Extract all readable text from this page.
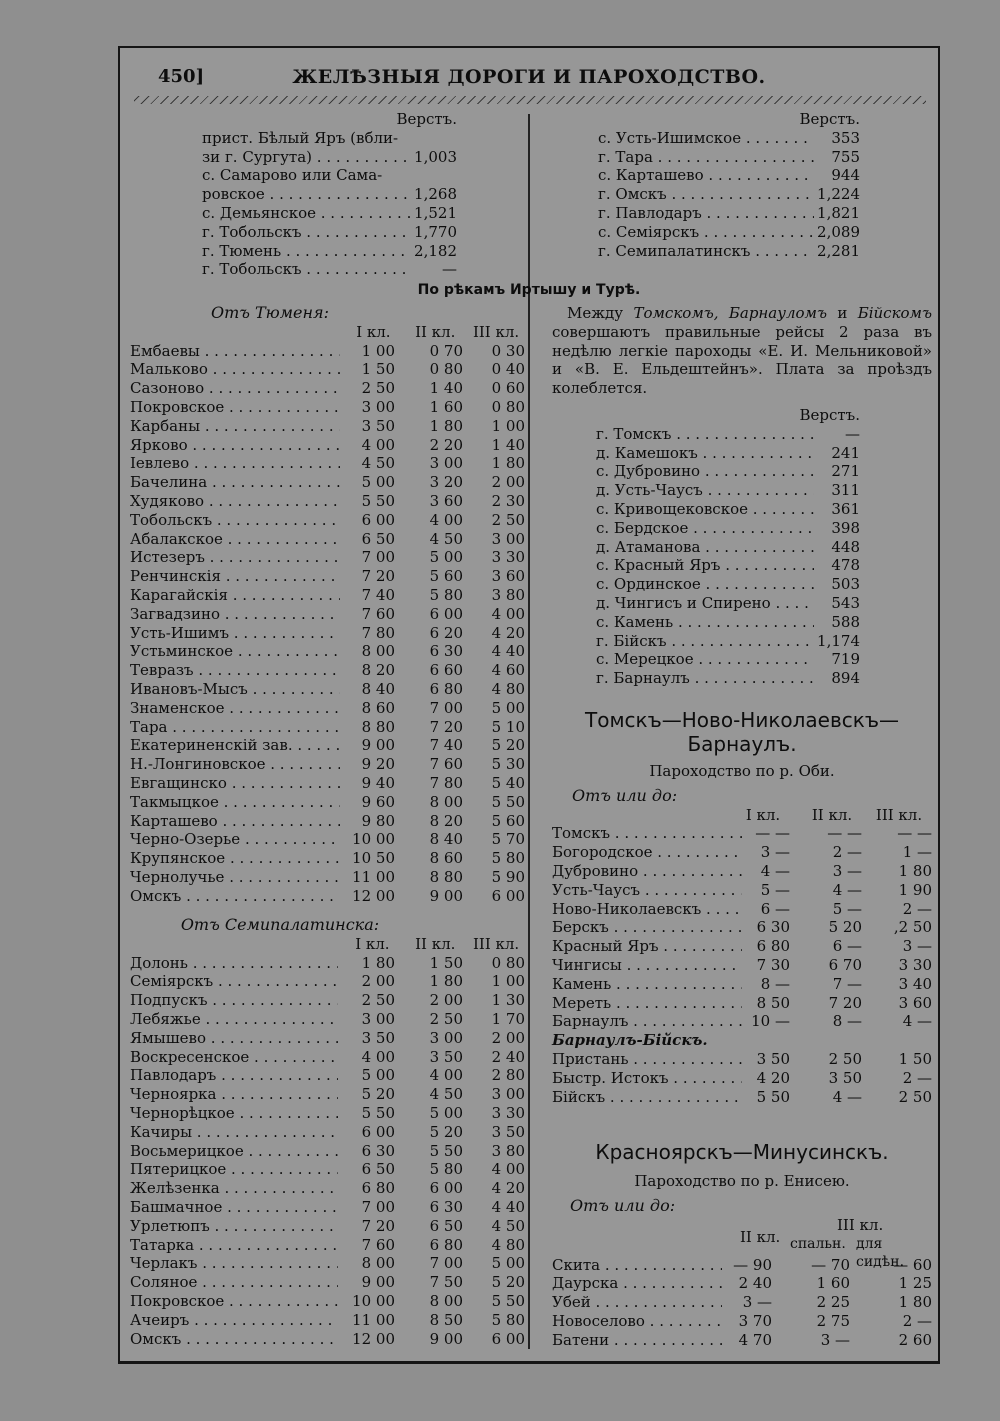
450]	ЖЕЛѢЗНЫЯ ДОРОГИ И ПАРОХОДСТВО.
Верстъ.
прист. Бѣлый Яръ (вбли-
зи г. Сургута) . . .	1,003
с. Самарово или Сама-
ровское . . .	1,268
с. Демьянское . . .	1,521
г. Тобольскъ . . .	1,770
г. Тюмень . . .	2,182
г. Тобольскъ . . .	—
Верстъ.
с. Усть-Ишимское . . .	353
г. Тара . . .	755
с. Карташево . . .	944
г. Омскъ . . .	1,224
г. Павлодаръ . . .	1,821
с. Семіярскъ . . .	2,089
г. Семипалатинскъ . . .	2,281
По рѣкамъ Иртышу и Турѣ.
Отъ Тюменя:
I кл.	II кл.	III кл.
Ембаевы . . .	1 00	0 70	0 30
Мальково . . .	1 50	0 80	0 40
Сазоново . . .	2 50	1 40	0 60
Покровское . . .	3 00	1 60	0 80
Карбаны . . .	3 50	1 80	1 00
Ярково . . .	4 00	2 20	1 40
Іевлево . . .	4 50	3 00	1 80
Бачелина . . .	5 00	3 20	2 00
Худяково . . .	5 50	3 60	2 30
Тобольскъ . . .	6 00	4 00	2 50
Абалакское . . .	6 50	4 50	3 00
Истезеръ . . .	7 00	5 00	3 30
Ренчинскія . . .	7 20	5 60	3 60
Карагайскія . . .	7 40	5 80	3 80
Загвадзино . . .	7 60	6 00	4 00
Усть-Ишимъ . . .	7 80	6 20	4 20
Устьминское . . .	8 00	6 30	4 40
Тевразъ . . .	8 20	6 60	4 60
Ивановъ-Мысъ . . .	8 40	6 80	4 80
Знаменское . . .	8 60	7 00	5 00
Тара . . .	8 80	7 20	5 10
Екатериненскій зав. . . .	9 00	7 40	5 20
Н.-Лонгиновское . . .	9 20	7 60	5 30
Евгащинско . . .	9 40	7 80	5 40
Такмыцкое . . .	9 60	8 00	5 50
Карташево . . .	9 80	8 20	5 60
Черно-Озерье . . .	10 00	8 40	5 70
Крупянское . . .	10 50	8 60	5 80
Чернолучье . . .	11 00	8 80	5 90
Омскъ . . .	12 00	9 00	6 00
Отъ Семипалатинска:
I кл.	II кл.	III кл.
Долонь . . .	1 80	1 50	0 80
Семіярскъ . . .	2 00	1 80	1 00
Подпускъ . . .	2 50	2 00	1 30
Лебяжье . . .	3 00	2 50	1 70
Ямышево . . .	3 50	3 00	2 00
Воскресенское . . .	4 00	3 50	2 40
Павлодаръ . . .	5 00	4 00	2 80
Чернoярка . . .	5 20	4 50	3 00
Чернорѣцкое . . .	5 50	5 00	3 30
Качиры . . .	6 00	5 20	3 50
Восьмерицкое . . .	6 30	5 50	3 80
Пятерицкое . . .	6 50	5 80	4 00
Желѣзенка . . .	6 80	6 00	4 20
Башмачное . . .	7 00	6 30	4 40
Урлетюпъ . . .	7 20	6 50	4 50
Татарка . . .	7 60	6 80	4 80
Черлакъ . . .	8 00	7 00	5 00
Соляное . . .	9 00	7 50	5 20
Покровское . . .	10 00	8 00	5 50
Ачеиръ . . .	11 00	8 50	5 80
Омскъ . . .	12 00	9 00	6 00
 Между Томскомъ, Барнауломъ и Бійскомъ совершаютъ правильные рейсы 2 раза въ недѣлю легкіе пароходы «Е. И. Мельниковой» и «В. Е. Ельдештейнъ». Плата за проѣздъ колеблется.
Верстъ.
г. Томскъ . . .	—
д. Камешокъ . . .	241
с. Дубровино . . .	271
д. Усть-Чаусъ . . .	311
с. Кривощековское . . .	361
с. Бердское . . .	398
д. Атаманова . . .	448
с. Красный Яръ . . .	478
с. Ординское . . .	503
д. Чингисъ и Спирено . . .	543
с. Камень . . .	588
г. Бійскъ . . .	1,174
с. Мерецкое . . .	719
г. Барнаулъ . . .	894
Томскъ—Ново-Николаевскъ—
Барнаулъ.
Пароходство по р. Оби.
Отъ или до:
I кл.	II кл.	III кл.
Томскъ . . .	— —	— —	— —
Богородское . . .	3 —	2 —	1 —
Дубровино . . .	4 —	3 —	1 80
Усть-Чаусъ . . .	5 —	4 —	1 90
Ново-Николаевскъ . . .	6 —	5 —	2 —
Берскъ . . .	6 30	5 20	,2 50
Красный Яръ . . .	6 80	6 —	3 —
Чингисы . . .	7 30	6 70	3 30
Камень . . .	8 —	7 —	3 40
Мереть . . .	8 50	7 20	3 60
Барнаулъ . . .	10 —	8 —	4 —
Барнаулъ-Бійскъ.
Пристань . . .	3 50	2 50	1 50
Быстр. Истокъ . . .	4 20	3 50	2 —
Бійскъ . . .	5 50	4 —	2 50
Красноярскъ—Минусинскъ.
Пароходство по р. Енисею.
Отъ или до:
II кл.
III кл.
спальн. для сидѣн.
Скита . . .	— 90	— 70	— 60
Даурска . . .	2 40	1 60	1 25
Убей . . .	3 —	2 25	1 80
Новоселово . . .	3 70	2 75	2 —
Батени . . .	4 70	3 —	2 60
